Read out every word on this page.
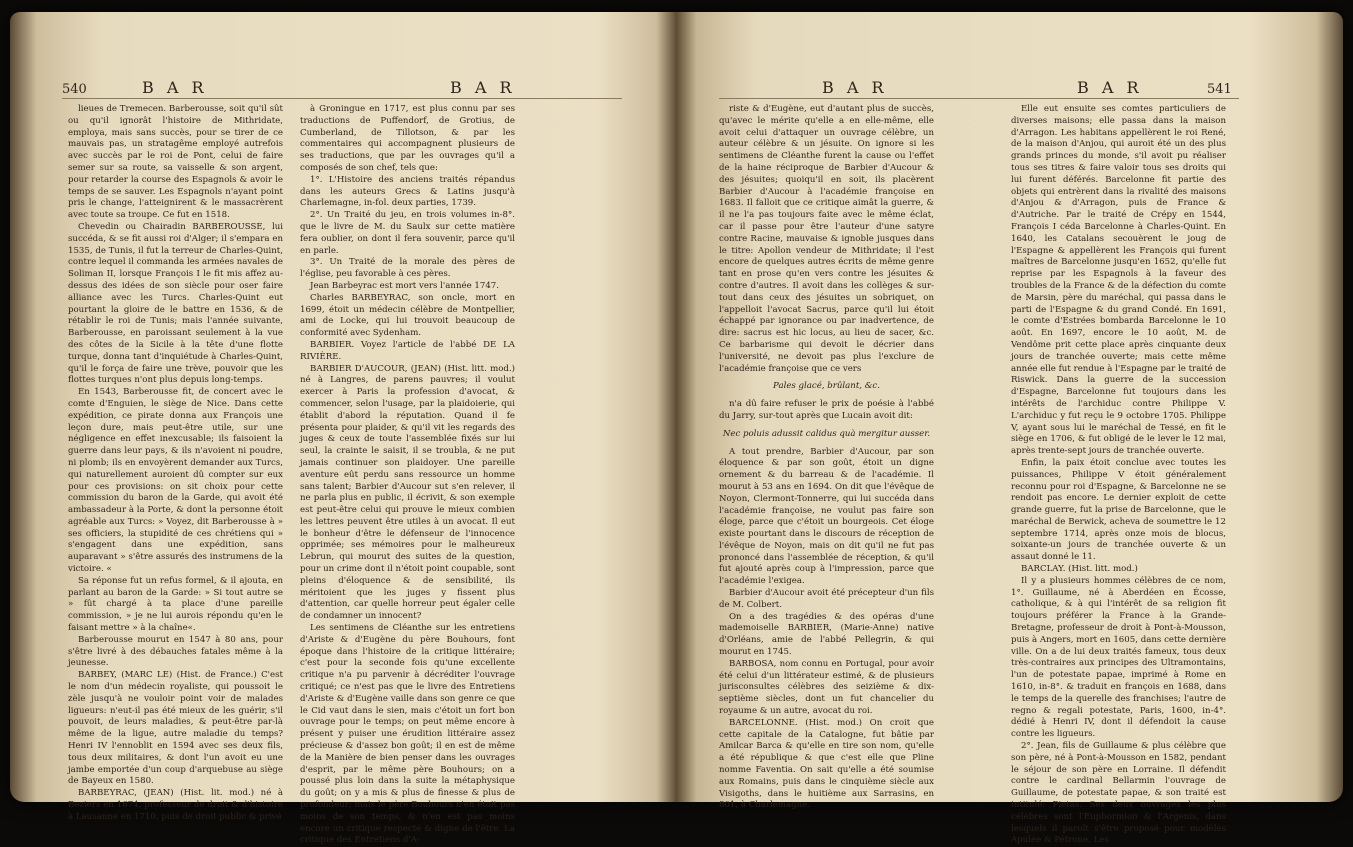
540	B A R	B A R

lieues de Tremecen. Barberousse, soit qu'il sût ou qu'il ignorât l'histoire de Mithridate, employa, mais sans succès, pour se tirer de ce mauvais pas, un stratagême employé autrefois avec succès par le roi de Pont, celui de faire semer sur sa route, sa vaisselle & son argent, pour retarder la course des Espagnols & avoir le temps de se sauver. Les Espagnols n'ayant point pris le change, l'atteignirent & le massacrèrent avec toute sa troupe. Ce fut en 1518.

Chevedin ou Chairadin BARBEROUSSE, lui succéda, & se fit aussi roi d'Alger; il s'empara en 1535, de Tunis, il fut la terreur de Charles-Quint, contre lequel il commanda les armées navales de Soliman II, lorsque François I le fit mis affez au-dessus des idées de son siècle pour oser faire alliance avec les Turcs. Charles-Quint eut pourtant la gloire de le battre en 1536, & de rétablir le roi de Tunis; mais l'année suivante, Barberousse, en paroissant seulement à la vue des côtes de la Sicile à la tête d'une flotte turque, donna tant d'inquiétude à Charles-Quint, qu'il le força de faire une trève, pouvoir que les flottes turques n'ont plus depuis long-temps.

En 1543, Barberousse fit, de concert avec le comte d'Enguien, le siège de Nice. Dans cette expédition, ce pirate donna aux François une leçon dure, mais peut-être utile, sur une négligence en effet inexcusable; ils faisoient la guerre dans leur pays, & ils n'avoient ni poudre, ni plomb; ils en envoyèrent demander aux Turcs, qui naturellement auroient dû compter sur eux pour ces provisions: on sit choix pour cette commission du baron de la Garde, qui avoit été ambassadeur à la Porte, & dont la personne étoit agréable aux Turcs: » Voyez, dit Barberousse à » ses officiers, la stupidité de ces chrétiens qui » s'engagent dans une expédition, sans auparavant » s'être assurés des instrumens de la victoire. «

Sa réponse fut un refus formel, & il ajouta, en parlant au baron de la Garde: » Si tout autre se » fût chargé à ta place d'une pareille commission, » je ne lui aurois répondu qu'en le faisant mettre » à la chaîne«.

Barberousse mourut en 1547 à 80 ans, pour s'être livré à des débauches fatales même à la jeunesse.

BARBEY, (MARC LE) (Hist. de France.) C'est le nom d'un médecin royaliste, qui poussoit le zèle jusqu'à ne vouloir point voir de malades ligueurs: n'eut-il pas été mieux de les guérir, s'il pouvoit, de leurs maladies, & peut-être par-là même de la ligue, autre maladie du temps? Henri IV l'ennoblit en 1594 avec ses deux fils, tous deux militaires, & dont l'un avoit eu une jambe emportée d'un coup d'arquebuse au siège de Bayeux en 1580.

BARBEYRAC, (JEAN) (Hist. lit. mod.) né à Beziers en 1674, professeur de droit & d'histoire à Lausanne en 1710, puis de droit public & privé

à Groningue en 1717, est plus connu par ses traductions de Puffendorf, de Grotius, de Cumberland, de Tillotson, & par les commentaires qui accompagnent plusieurs de ses traductions, que par les ouvrages qu'il a composés de son chef, tels que:

1°. L'Histoire des anciens traités répandus dans les auteurs Grecs & Latins jusqu'à Charlemagne, in-fol. deux parties, 1739.

2°. Un Traité du jeu, en trois volumes in-8°. que le livre de M. du Saulx sur cette matière fera oublier, on dont il fera souvenir, parce qu'il en parle.

3°. Un Traité de la morale des pères de l'église, peu favorable à ces pères.

Jean Barbeyrac est mort vers l'année 1747.

Charles BARBEYRAC, son oncle, mort en 1699, étoit un médecin célèbre de Montpellier, ami de Locke, qui lui trouvoit beaucoup de conformité avec Sydenham.

BARBIER. Voyez l'article de l'abbé DE LA RIVIÈRE.

BARBIER D'AUCOUR, (JEAN) (Hist. litt. mod.) né à Langres, de parens pauvres; il voulut exercer à Paris la profession d'avocat, & commencer, selon l'usage, par la plaidoierie, qui établit d'abord la réputation. Quand il fe présenta pour plaider, & qu'il vit les regards des juges & ceux de toute l'assemblée fixés sur lui seul, la crainte le saisit, il se troubla, & ne put jamais continuer son plaidoyer. Une pareille aventure eût perdu sans ressource un homme sans talent; Barbier d'Aucour sut s'en relever, il ne parla plus en public, il écrivit, & son exemple est peut-être celui qui prouve le mieux combien les lettres peuvent être utiles à un avocat. Il eut le bonheur d'être le défenseur de l'innocence opprimée; ses mémoires pour le malheureux Lebrun, qui mourut des suites de la question, pour un crime dont il n'étoit point coupable, sont pleins d'éloquence & de sensibilité, ils méritoient que les juges y fissent plus d'attention, car quelle horreur peut égaler celle de condamner un innocent?

Les sentimens de Cléanthe sur les entretiens d'Ariste & d'Eugène du père Bouhours, font époque dans l'histoire de la critique littéraire; c'est pour la seconde fois qu'une excellente critique n'a pu parvenir à décréditer l'ouvrage critiqué; ce n'est pas que le livre des Entretiens d'Ariste & d'Eugène vaille dans son genre ce que le Cid vaut dans le sien, mais c'étoit un fort bon ouvrage pour le temps; on peut même encore à présent y puiser une érudition littéraire assez précieuse & d'assez bon goût; il en est de même de la Manière de bien penser dans les ouvrages d'esprit, par le même père Bouhours; on a poussé plus loin dans la suite la métaphysique du goût; on y a mis & plus de finesse & plus de profondeur; mais le père Bouhours n'en étoit pas moins de son temps, & n'en est pas moins encore un critique respecté & digne de l'être. La critique des Entretiens d'A-

B A R	B A R	541

riste & d'Eugène, eut d'autant plus de succès, qu'avec le mérite qu'elle a en elle-même, elle avoit celui d'attaquer un ouvrage célèbre, un auteur célèbre & un jésuite. On ignore si les sentimens de Cléanthe furent la cause ou l'effet de la haine réciproque de Barbier d'Aucour & des jésuites; quoiqu'il en soit, ils placèrent Barbier d'Aucour à l'académie françoise en 1683. Il falloit que ce critique aimât la guerre, & il ne l'a pas toujours faite avec le même éclat, car il passe pour être l'auteur d'une satyre contre Racine, mauvaise & ignoble jusques dans le titre: Apollon vendeur de Mithridate; il l'est encore de quelques autres écrits de même genre tant en prose qu'en vers contre les jésuites & contre d'autres. Il avoit dans les collèges & sur-tout dans ceux des jésuites un sobriquet, on l'appelloit l'avocat Sacrus, parce qu'il lui étoit échappé par ignorance ou par inadvertence, de dire: sacrus est hic locus, au lieu de sacer, &c. Ce barbarisme qui devoit le décrier dans l'université, ne devoit pas plus l'exclure de l'académie françoise que ce vers

Pales glacé, brûlant, &c.

n'a dû faire refuser le prix de poésie à l'abbé du Jarry, sur-tout après que Lucain avoit dit:

Nec poluis adussit calidus quà mergitur ausser.

A tout prendre, Barbier d'Aucour, par son éloquence & par son goût, étoit un digne ornement & du barreau & de l'académie. Il mourut à 53 ans en 1694. On dit que l'évêque de Noyon, Clermont-Tonnerre, qui lui succéda dans l'académie françoise, ne voulut pas faire son éloge, parce que c'étoit un bourgeois. Cet éloge existe pourtant dans le discours de réception de l'évêque de Noyon, mais on dit qu'il ne fut pas prononcé dans l'assemblée de réception, & qu'il fut ajouté après coup à l'impression, parce que l'académie l'exigea.

Barbier d'Aucour avoit été précepteur d'un fils de M. Colbert.

On a des tragédies & des opéras d'une mademoiselle BARBIER, (Marie-Anne) native d'Orléans, amie de l'abbé Pellegrin, & qui mourut en 1745.

BARBOSA, nom connu en Portugal, pour avoir été celui d'un littérateur estimé, & de plusieurs jurisconsultes célèbres des seizième & dix-septième siècles, dont un fut chancelier du royaume & un autre, avocat du roi.

BARCELONNE. (Hist. mod.) On croit que cette capitale de la Catalogne, fut bâtie par Amilcar Barca & qu'elle en tire son nom, qu'elle a été république & que c'est elle que Pline nomme Faventia. On sait qu'elle a été soumise aux Romains, puis dans le cinquième siècle aux Visigoths, dans le huitième aux Sarrasins, en 801, à Charlemagne.

Elle eut ensuite ses comtes particuliers de diverses maisons; elle passa dans la maison d'Arragon. Les habitans appellèrent le roi René, de la maison d'Anjou, qui auroit été un des plus grands princes du monde, s'il avoit pu réaliser tous ses titres & faire valoir tous ses droits qui lui furent déférés. Barcelonne fit partie des objets qui entrèrent dans la rivalité des maisons d'Anjou & d'Arragon, puis de France & d'Autriche. Par le traité de Crépy en 1544, François I céda Barcelonne à Charles-Quint. En 1640, les Catalans secouèrent le joug de l'Espagne & appellèrent les François qui furent maîtres de Barcelonne jusqu'en 1652, qu'elle fut reprise par les Espagnols à la faveur des troubles de la France & de la défection du comte de Marsin, père du maréchal, qui passa dans le parti de l'Espagne & du grand Condé. En 1691, le comte d'Estrées bombarda Barcelonne le 10 août. En 1697, encore le 10 août, M. de Vendôme prit cette place après cinquante deux jours de tranchée ouverte; mais cette même année elle fut rendue à l'Espagne par le traité de Riswick. Dans la guerre de la succession d'Espagne, Barcelonne fut toujours dans les intérêts de l'archiduc contre Philippe V. L'archiduc y fut reçu le 9 octobre 1705. Philippe V, ayant sous lui le maréchal de Tessé, en fit le siège en 1706, & fut obligé de le lever le 12 mai, après trente-sept jours de tranchée ouverte.

Enfin, la paix étoit conclue avec toutes les puissances, Philippe V étoit généralement reconnu pour roi d'Espagne, & Barcelonne ne se rendoit pas encore. Le dernier exploit de cette grande guerre, fut la prise de Barcelonne, que le maréchal de Berwick, acheva de soumettre le 12 septembre 1714, après onze mois de blocus, soixante-un jours de tranchée ouverte & un assaut donné le 11.

BARCLAY. (Hist. litt. mod.)

Il y a plusieurs hommes célèbres de ce nom, 1°. Guillaume, né à Aberdéen en Écosse, catholique, & à qui l'intérêt de sa religion fit toujours préférer la France à la Grande-Bretagne, professeur de droit à Pont-à-Mousson, puis à Angers, mort en 1605, dans cette dernière ville. On a de lui deux traités fameux, tous deux très-contraires aux principes des Ultramontains, l'un de potestate papae, imprimé à Rome en 1610, in-8°. & traduit en françois en 1688, dans le temps de la querelle des franchises; l'autre de regno & regali potestate, Paris, 1600, in-4°. dédié à Henri IV, dont il défendoit la cause contre les ligueurs.

2°. Jean, fils de Guillaume & plus célèbre que son père, né à Pont-à-Mousson en 1582, pendant le séjour de son père en Lorraine. Il défendit contre le cardinal Bellarmin l'ouvrage de Guillaume, de potestate papae, & son traité est intitulé: Pietas. Ses deux ouvrages les plus célèbres sont l'Euphormion & l'Argenis, dans lesquels il paroît s'être proposé pour modèles Apulée & Pétrone. Les
